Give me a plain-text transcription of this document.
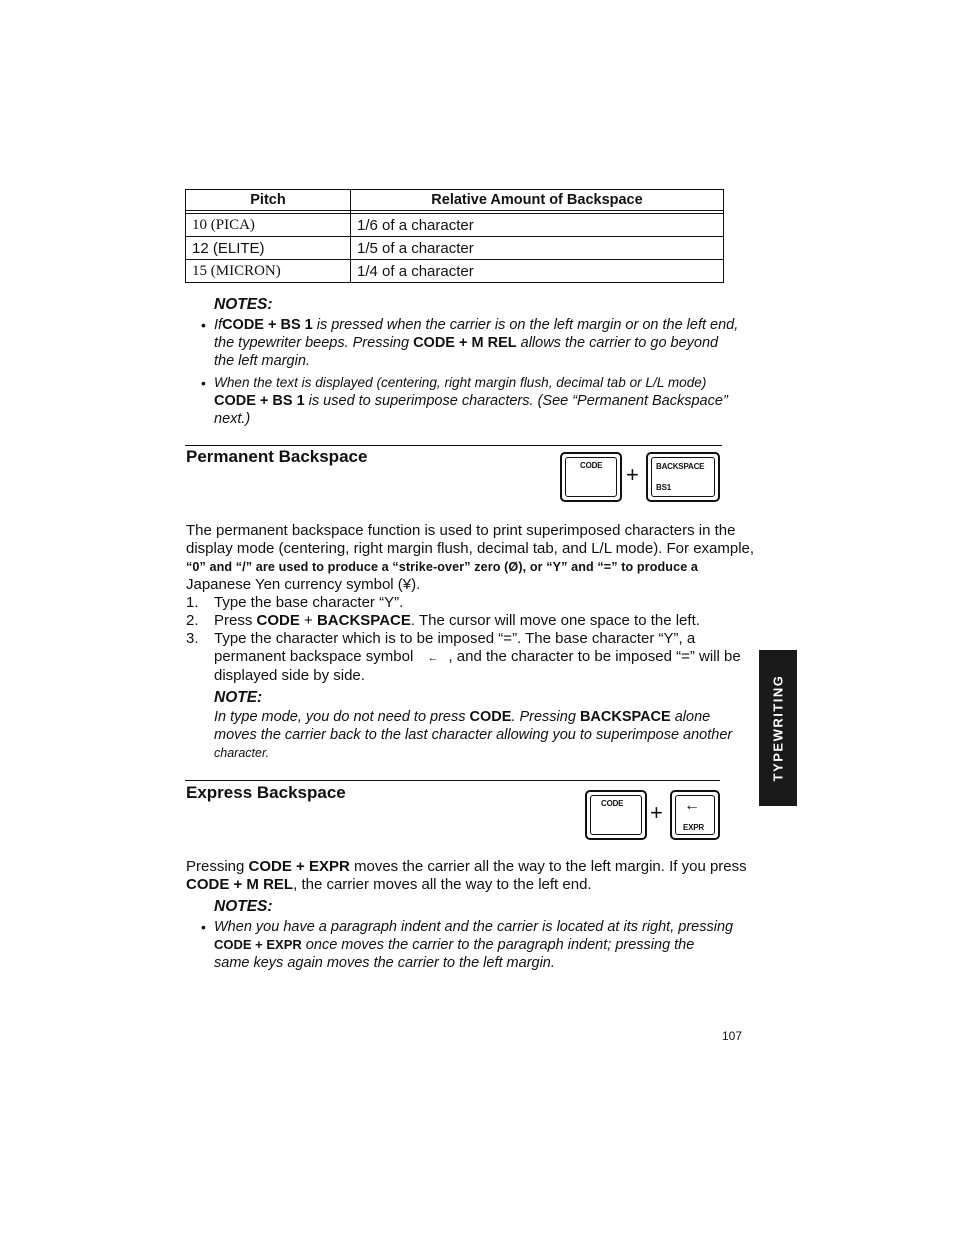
Pitch	Relative Amount of Backspace

10 (PICA)	1/6 of a character
12 (ELITE)	1/5 of a character
15 (MICRON)	1/4 of a character
NOTES:
• IfCODE + BS 1 is pressed when the carrier is on the left margin or on the left end,
the typewriter beeps. Pressing CODE + M REL allows the carrier to go beyond
the left margin.
• When the text is displayed (centering, right margin flush, decimal tab or L/L mode)
CODE + BS 1 is used to superimpose characters. (See “Permanent Backspace”
next.)
Permanent Backspace	CODE + BACKSPACE
BS1
The permanent backspace function is used to print superimposed characters in the
display mode (centering, right margin flush, decimal tab, and L/L mode). For example,
“0” and “/” are used to produce a “strike-over” zero (Ø), or “Y” and “=” to produce a
Japanese Yen currency symbol (¥).
1. Type the base character “Y”.
2. Press CODE + BACKSPACE. The cursor will move one space to the left.
3. Type the character which is to be imposed “=”. The base character “Y”, a
permanent backspace symbol ← , and the character to be imposed “=” will be
displayed side by side.
NOTE:
In type mode, you do not need to press CODE. Pressing BACKSPACE alone
moves the carrier back to the last character allowing you to superimpose another
character.
Express Backspace
CODE + ←
EXPR
Pressing CODE + EXPR moves the carrier all the way to the left margin. If you press
CODE + M REL, the carrier moves all the way to the left end.
NOTES:
• When you have a paragraph indent and the carrier is located at its right, pressing
CODE + EXPR once moves the carrier to the paragraph indent; pressing the
same keys again moves the carrier to the left margin.
TYPEWRITING
107
